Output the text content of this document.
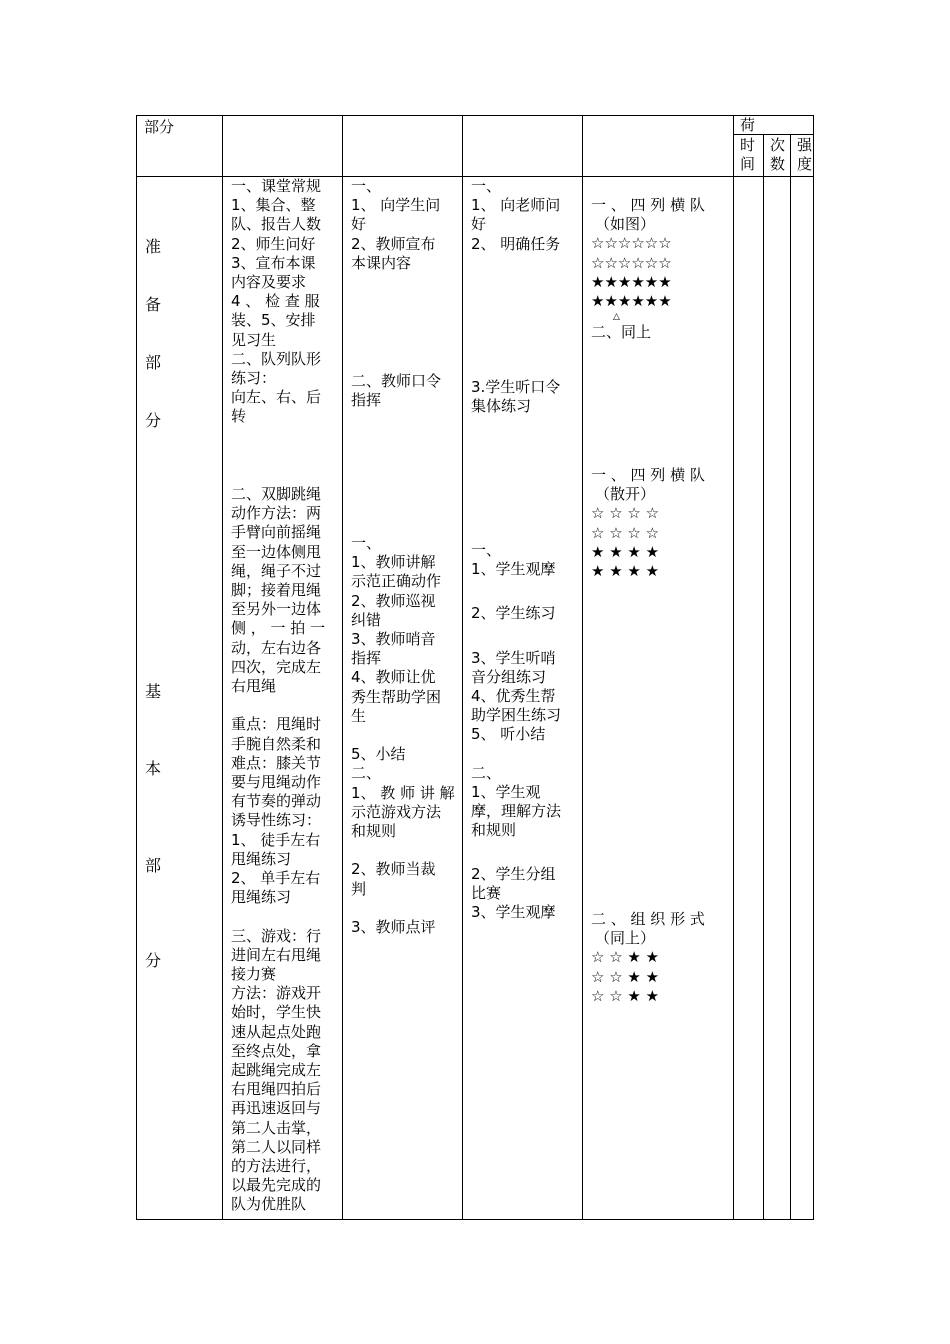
部分	荷
时间
次数
强度
准
备
部
分
基
本
部
分
一、课堂常规
1、集合、整
队、报告人数
2、师生问好
3、宣布本课
内容及要求
4 、 检 查 服
装、5、安排
见习生
二、队列队形
练习：
向左、右、后
转
一、
1、 向学生问
好
2、教师宣布
本课内容
二、教师口令
指挥
一、
1、 向老师问
好
2、 明确任务
3.学生听口令
集体练习
一 、 四 列 横 队
（如图）
☆☆☆☆☆☆
☆☆☆☆☆☆
★★★★★★
★★★★★★
△
二、同上
二、双脚跳绳
动作方法：两
手臂向前摇绳
至一边体侧甩
绳，绳子不过
脚；接着甩绳
至另外一边体
侧 ， 一 拍 一
动，左右边各
四次，完成左
右甩绳
重点：甩绳时
手腕自然柔和
难点：膝关节
要与甩绳动作
有节奏的弹动
诱导性练习：
1、 徒手左右
甩绳练习
2、 单手左右
甩绳练习
三、游戏：行
进间左右甩绳
接力赛
方法：游戏开
始时，学生快
速从起点处跑
至终点处，拿
起跳绳完成左
右甩绳四拍后
再迅速返回与
第二人击掌，
第二人以同样
的方法进行，
以最先完成的
队为优胜队
一、
1、教师讲解
示范正确动作
2、教师巡视
纠错
3、教师哨音
指挥
4、教师让优
秀生帮助学困
生
5、小结
二、
1、 教 师 讲 解
示范游戏方法
和规则
2、教师当裁
判
3、教师点评
一、
1、学生观摩
2、学生练习
3、学生听哨
音分组练习
4、优秀生帮
助学困生练习
5、 听小结
二、
1、学生观
摩，理解方法
和规则
2、学生分组
比赛
3、学生观摩
一 、 四 列 横 队
（散开）
☆ ☆ ☆ ☆
☆ ☆ ☆ ☆
★ ★ ★ ★
★ ★ ★ ★
二 、 组 织 形 式
（同上）
☆ ☆ ★ ★
☆ ☆ ★ ★
☆ ☆ ★ ★
